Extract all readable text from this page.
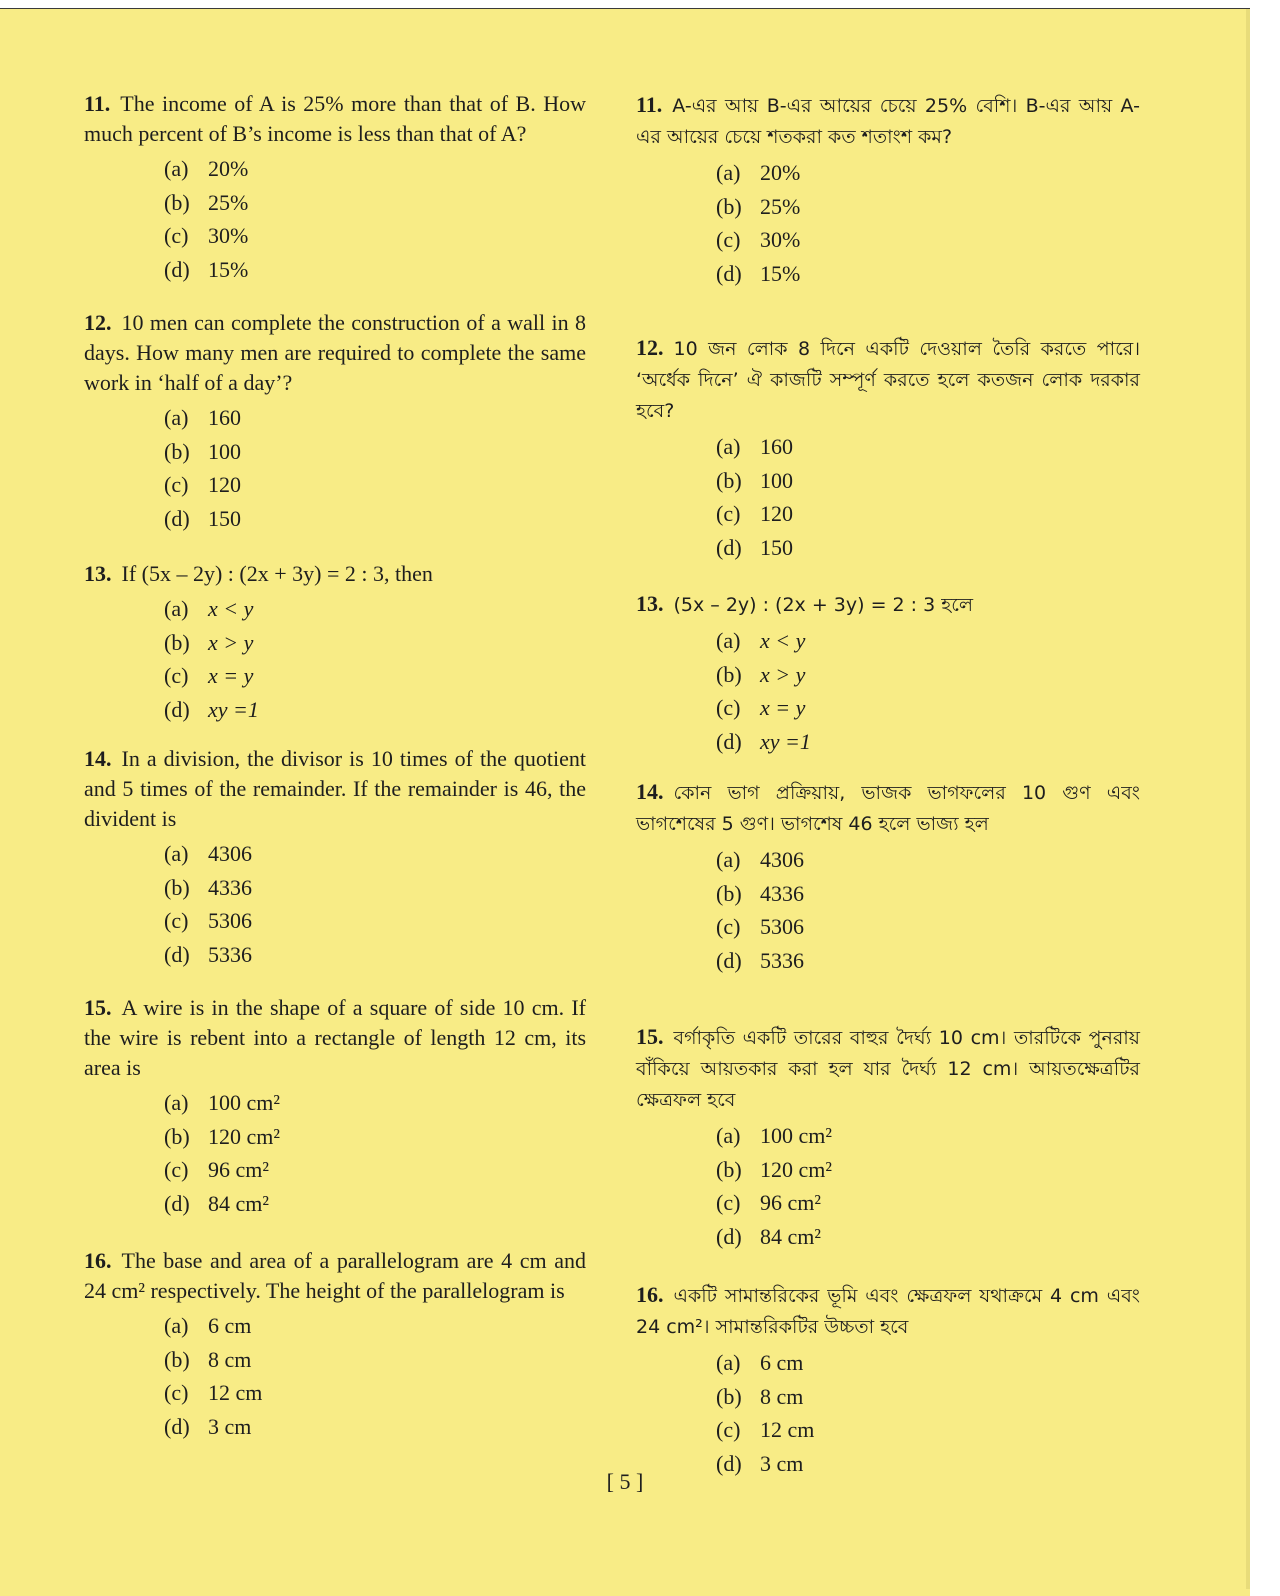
11. The income of A is 25% more than that of B. How much percent of B’s income is less than that of A?

(a) 20%
(b) 25%
(c) 30%
(d) 15%

12. 10 men can complete the construction of a wall in 8 days. How many men are required to complete the same work in ‘half of a day’?

(a) 160
(b) 100
(c) 120
(d) 150

13. If (5x – 2y) : (2x + 3y) = 2 : 3, then

(a) x < y
(b) x > y
(c) x = y
(d) xy =1

14. In a division, the divisor is 10 times of the quotient and 5 times of the remainder. If the remainder is 46, the divident is

(a) 4306
(b) 4336
(c) 5306
(d) 5336

15. A wire is in the shape of a square of side 10 cm. If the wire is rebent into a rectangle of length 12 cm, its area is

(a) 100 cm²
(b) 120 cm²
(c) 96 cm²
(d) 84 cm²

16. The base and area of a parallelogram are 4 cm and 24 cm² respectively. The height of the parallelogram is

(a) 6 cm
(b) 8 cm
(c) 12 cm
(d) 3 cm

11. A-এর আয় B-এর আয়ের চেয়ে 25% বেশি। B-এর আয় A-এর আয়ের চেয়ে শতকরা কত শতাংশ কম?

(a) 20%
(b) 25%
(c) 30%
(d) 15%

12. 10 জন লোক 8 দিনে একটি দেওয়াল তৈরি করতে পারে। ‘অর্ধেক দিনে’ ঐ কাজটি সম্পূর্ণ করতে হলে কতজন লোক দরকার হবে?

(a) 160
(b) 100
(c) 120
(d) 150

13. (5x – 2y) : (2x + 3y) = 2 : 3 হলে

(a) x < y
(b) x > y
(c) x = y
(d) xy =1

14. কোন ভাগ প্রক্রিয়ায়, ভাজক ভাগফলের 10 গুণ এবং ভাগশেষের 5 গুণ। ভাগশেষ 46 হলে ভাজ্য হল

(a) 4306
(b) 4336
(c) 5306
(d) 5336

15. বর্গাকৃতি একটি তারের বাহুর দৈর্ঘ্য 10 cm। তারটিকে পুনরায় বাঁকিয়ে আয়তকার করা হল যার দৈর্ঘ্য 12 cm। আয়তক্ষেত্রটির ক্ষেত্রফল হবে

(a) 100 cm²
(b) 120 cm²
(c) 96 cm²
(d) 84 cm²

16. একটি সামান্তরিকের ভূমি এবং ক্ষেত্রফল যথাক্রমে 4 cm এবং 24 cm²। সামান্তরিকটির উচ্চতা হবে

(a) 6 cm
(b) 8 cm
(c) 12 cm
(d) 3 cm
[ 5 ]
